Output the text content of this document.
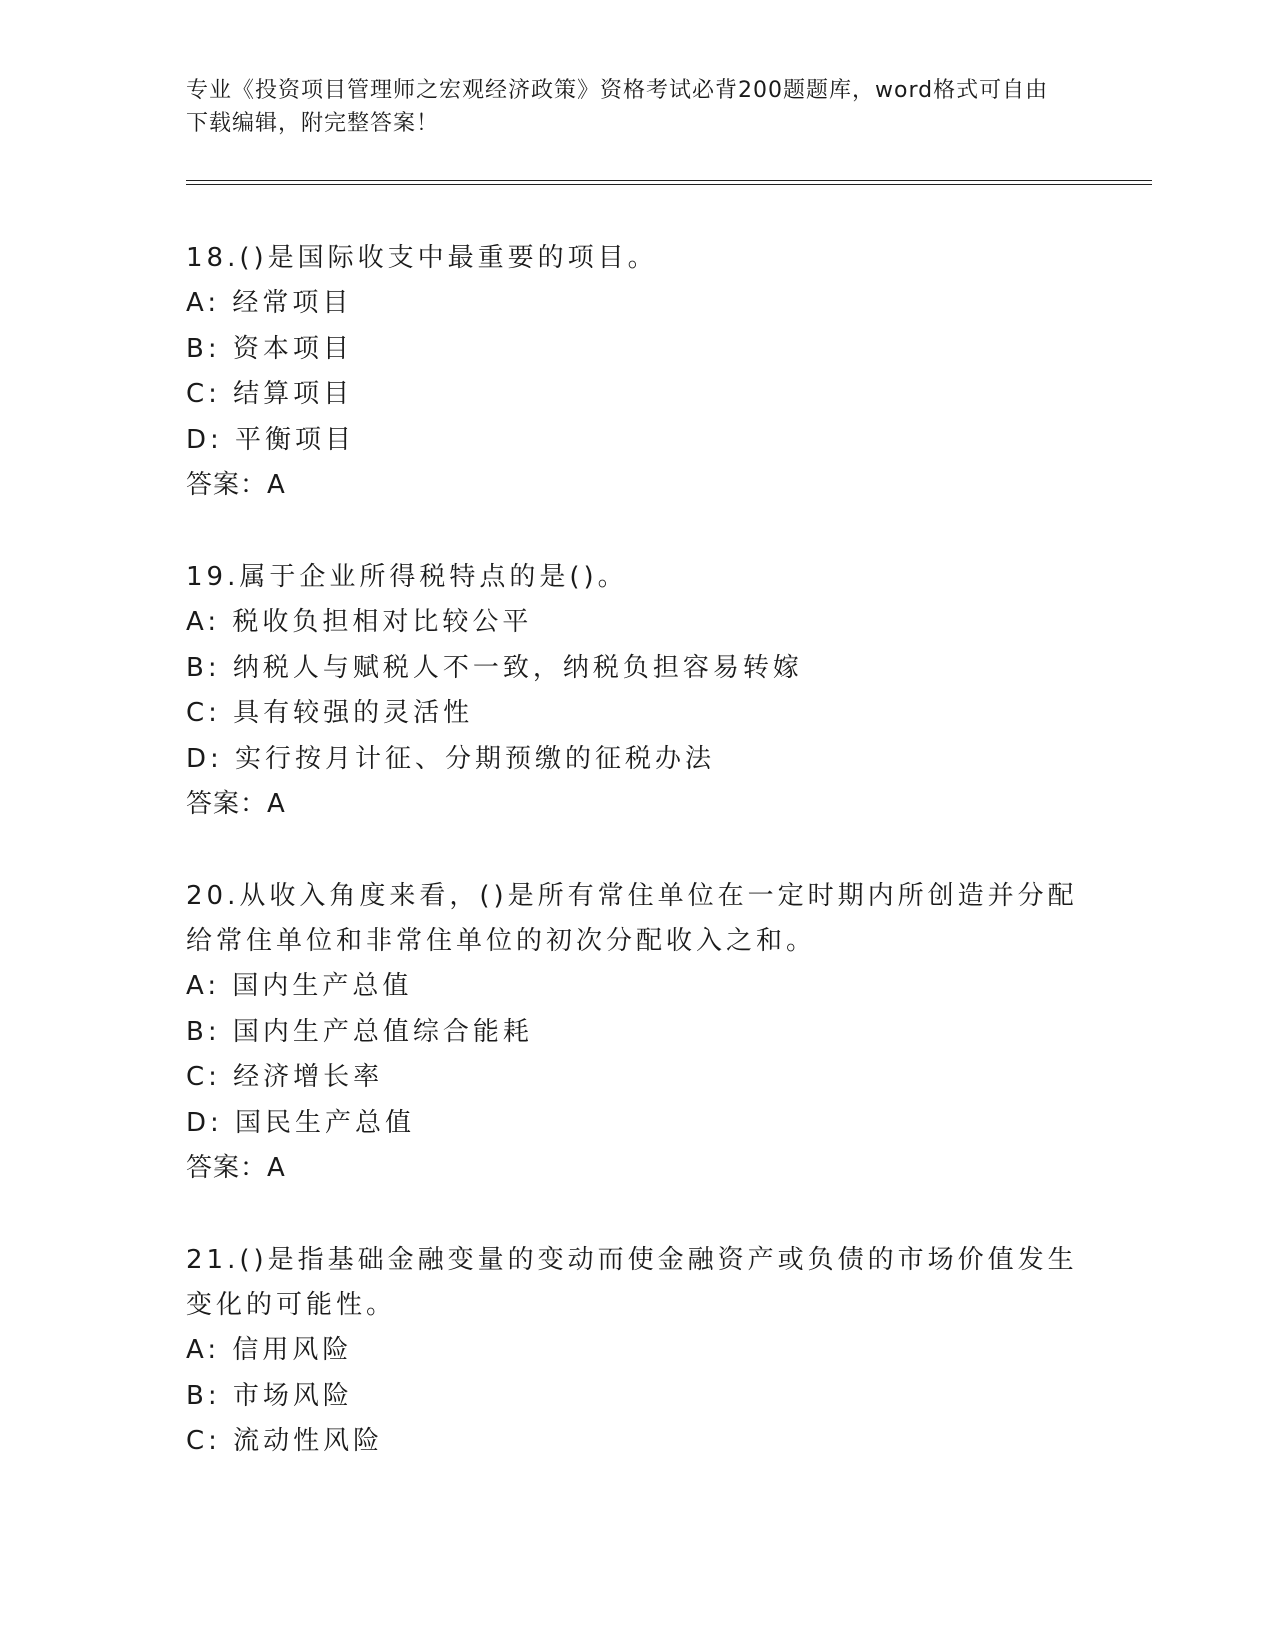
专业《投资项目管理师之宏观经济政策》资格考试必背200题题库，word格式可自由下载编辑，附完整答案！
18.()是国际收支中最重要的项目。
A: 经常项目
B: 资本项目
C: 结算项目
D: 平衡项目
答案：A
19.属于企业所得税特点的是()。
A: 税收负担相对比较公平
B: 纳税人与赋税人不一致，纳税负担容易转嫁
C: 具有较强的灵活性
D: 实行按月计征、分期预缴的征税办法
答案：A
20.从收入角度来看，()是所有常住单位在一定时期内所创造并分配给常住单位和非常住单位的初次分配收入之和。
A: 国内生产总值
B: 国内生产总值综合能耗
C: 经济增长率
D: 国民生产总值
答案：A
21.()是指基础金融变量的变动而使金融资产或负债的市场价值发生变化的可能性。
A: 信用风险
B: 市场风险
C: 流动性风险
